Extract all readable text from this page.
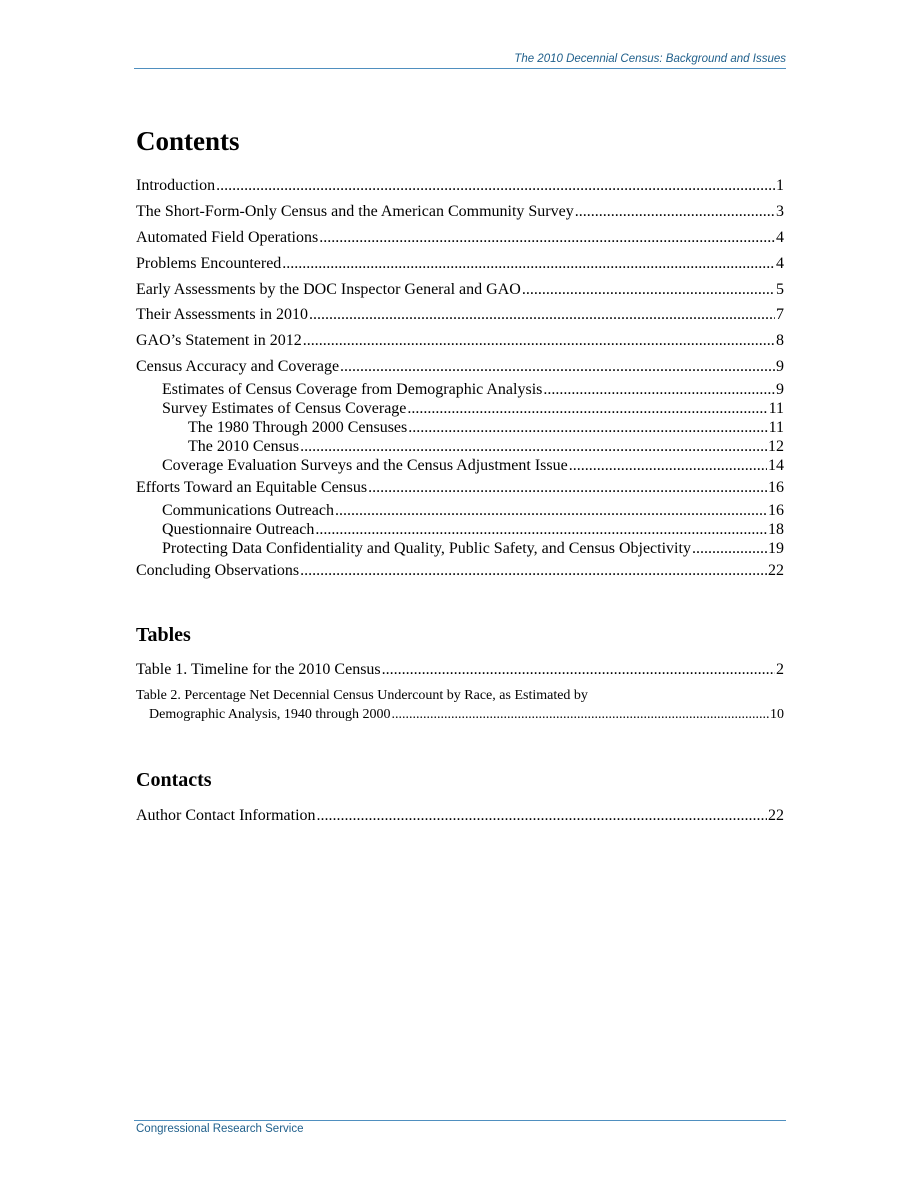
The 2010 Decennial Census: Background and Issues
Contents
Introduction .....	1
The Short-Form-Only Census and the American Community Survey .....	3
Automated Field Operations .....	4
Problems Encountered .....	4
Early Assessments by the DOC Inspector General and GAO .....	5
Their Assessments in 2010 .....	7
GAO’s Statement in 2012 .....	8
Census Accuracy and Coverage .....	9
Estimates of Census Coverage from Demographic Analysis .....	9
Survey Estimates of Census Coverage .....	11
The 1980 Through 2000 Censuses .....	11
The 2010 Census .....	12
Coverage Evaluation Surveys and the Census Adjustment Issue .....	14
Efforts Toward an Equitable Census .....	16
Communications Outreach .....	16
Questionnaire Outreach .....	18
Protecting Data Confidentiality and Quality, Public Safety, and Census Objectivity .....	19
Concluding Observations .....	22
Tables
Table 1. Timeline for the 2010 Census .....	2
Table 2. Percentage Net Decennial Census Undercount by Race, as Estimated by
Demographic Analysis, 1940 through 2000 .....	10
Contacts
Author Contact Information .....	22
Congressional Research Service
